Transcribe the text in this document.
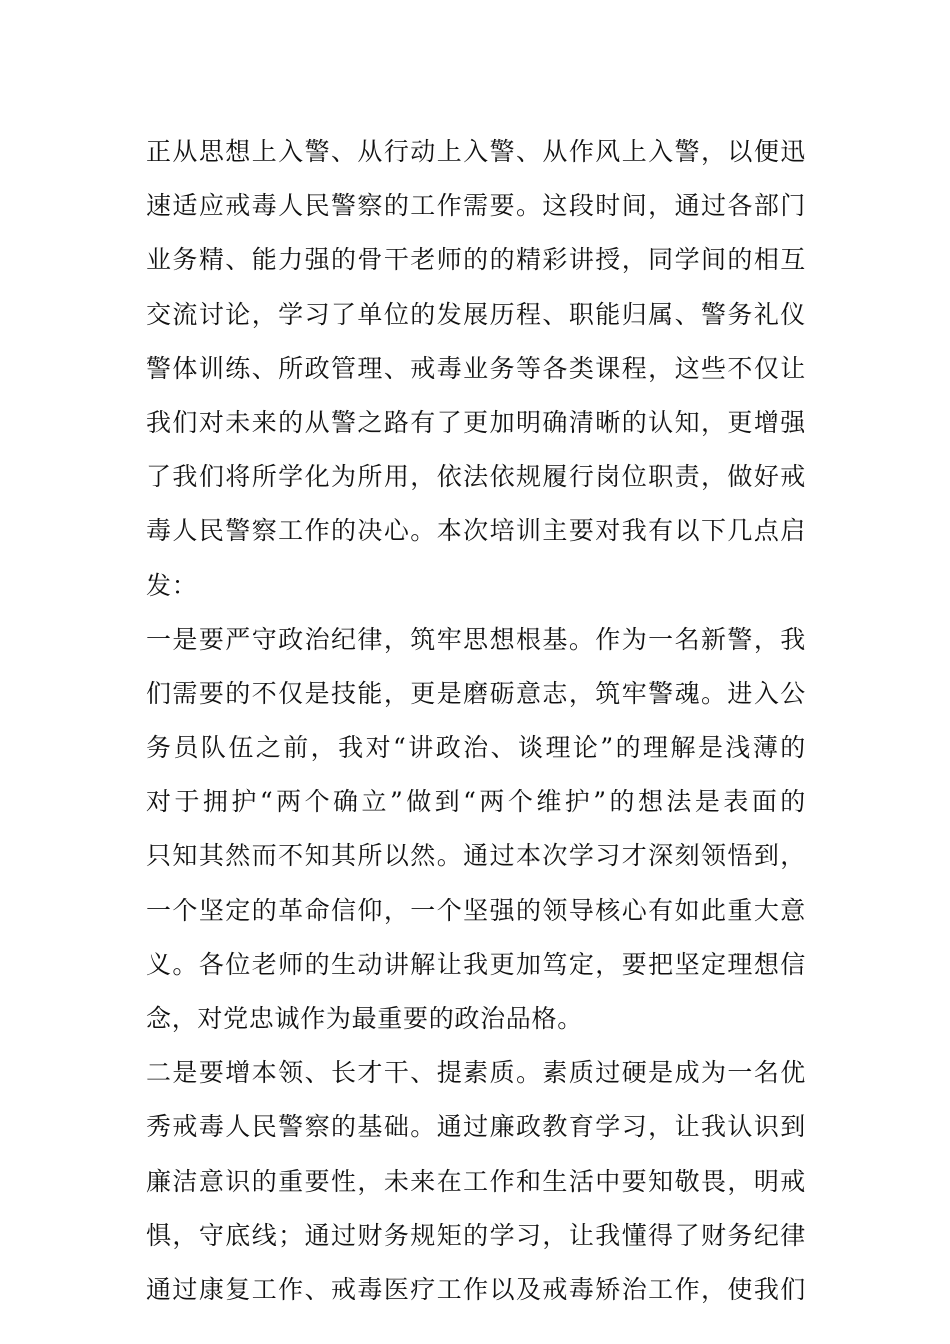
正从思想上入警、从行动上入警、从作风上入警，以便迅
速适应戒毒人民警察的工作需要。这段时间，通过各部门
业务精、能力强的骨干老师的的精彩讲授，同学间的相互
交流讨论，学习了单位的发展历程、职能归属、警务礼仪
警体训练、所政管理、戒毒业务等各类课程，这些不仅让
我们对未来的从警之路有了更加明确清晰的认知，更增强
了我们将所学化为所用，依法依规履行岗位职责，做好戒
毒人民警察工作的决心。本次培训主要对我有以下几点启
发：
一是要严守政治纪律，筑牢思想根基。作为一名新警，我
们需要的不仅是技能，更是磨砺意志，筑牢警魂。进入公
务员队伍之前，我对“讲政治、谈理论”的理解是浅薄的
对于拥护“两个确立”做到“两个维护”的想法是表面的
只知其然而不知其所以然。通过本次学习才深刻领悟到，
一个坚定的革命信仰，一个坚强的领导核心有如此重大意
义。各位老师的生动讲解让我更加笃定，要把坚定理想信
念，对党忠诚作为最重要的政治品格。
二是要增本领、长才干、提素质。素质过硬是成为一名优
秀戒毒人民警察的基础。通过廉政教育学习，让我认识到
廉洁意识的重要性，未来在工作和生活中要知敬畏，明戒
惧，守底线；通过财务规矩的学习，让我懂得了财务纪律
通过康复工作、戒毒医疗工作以及戒毒矫治工作，使我们
